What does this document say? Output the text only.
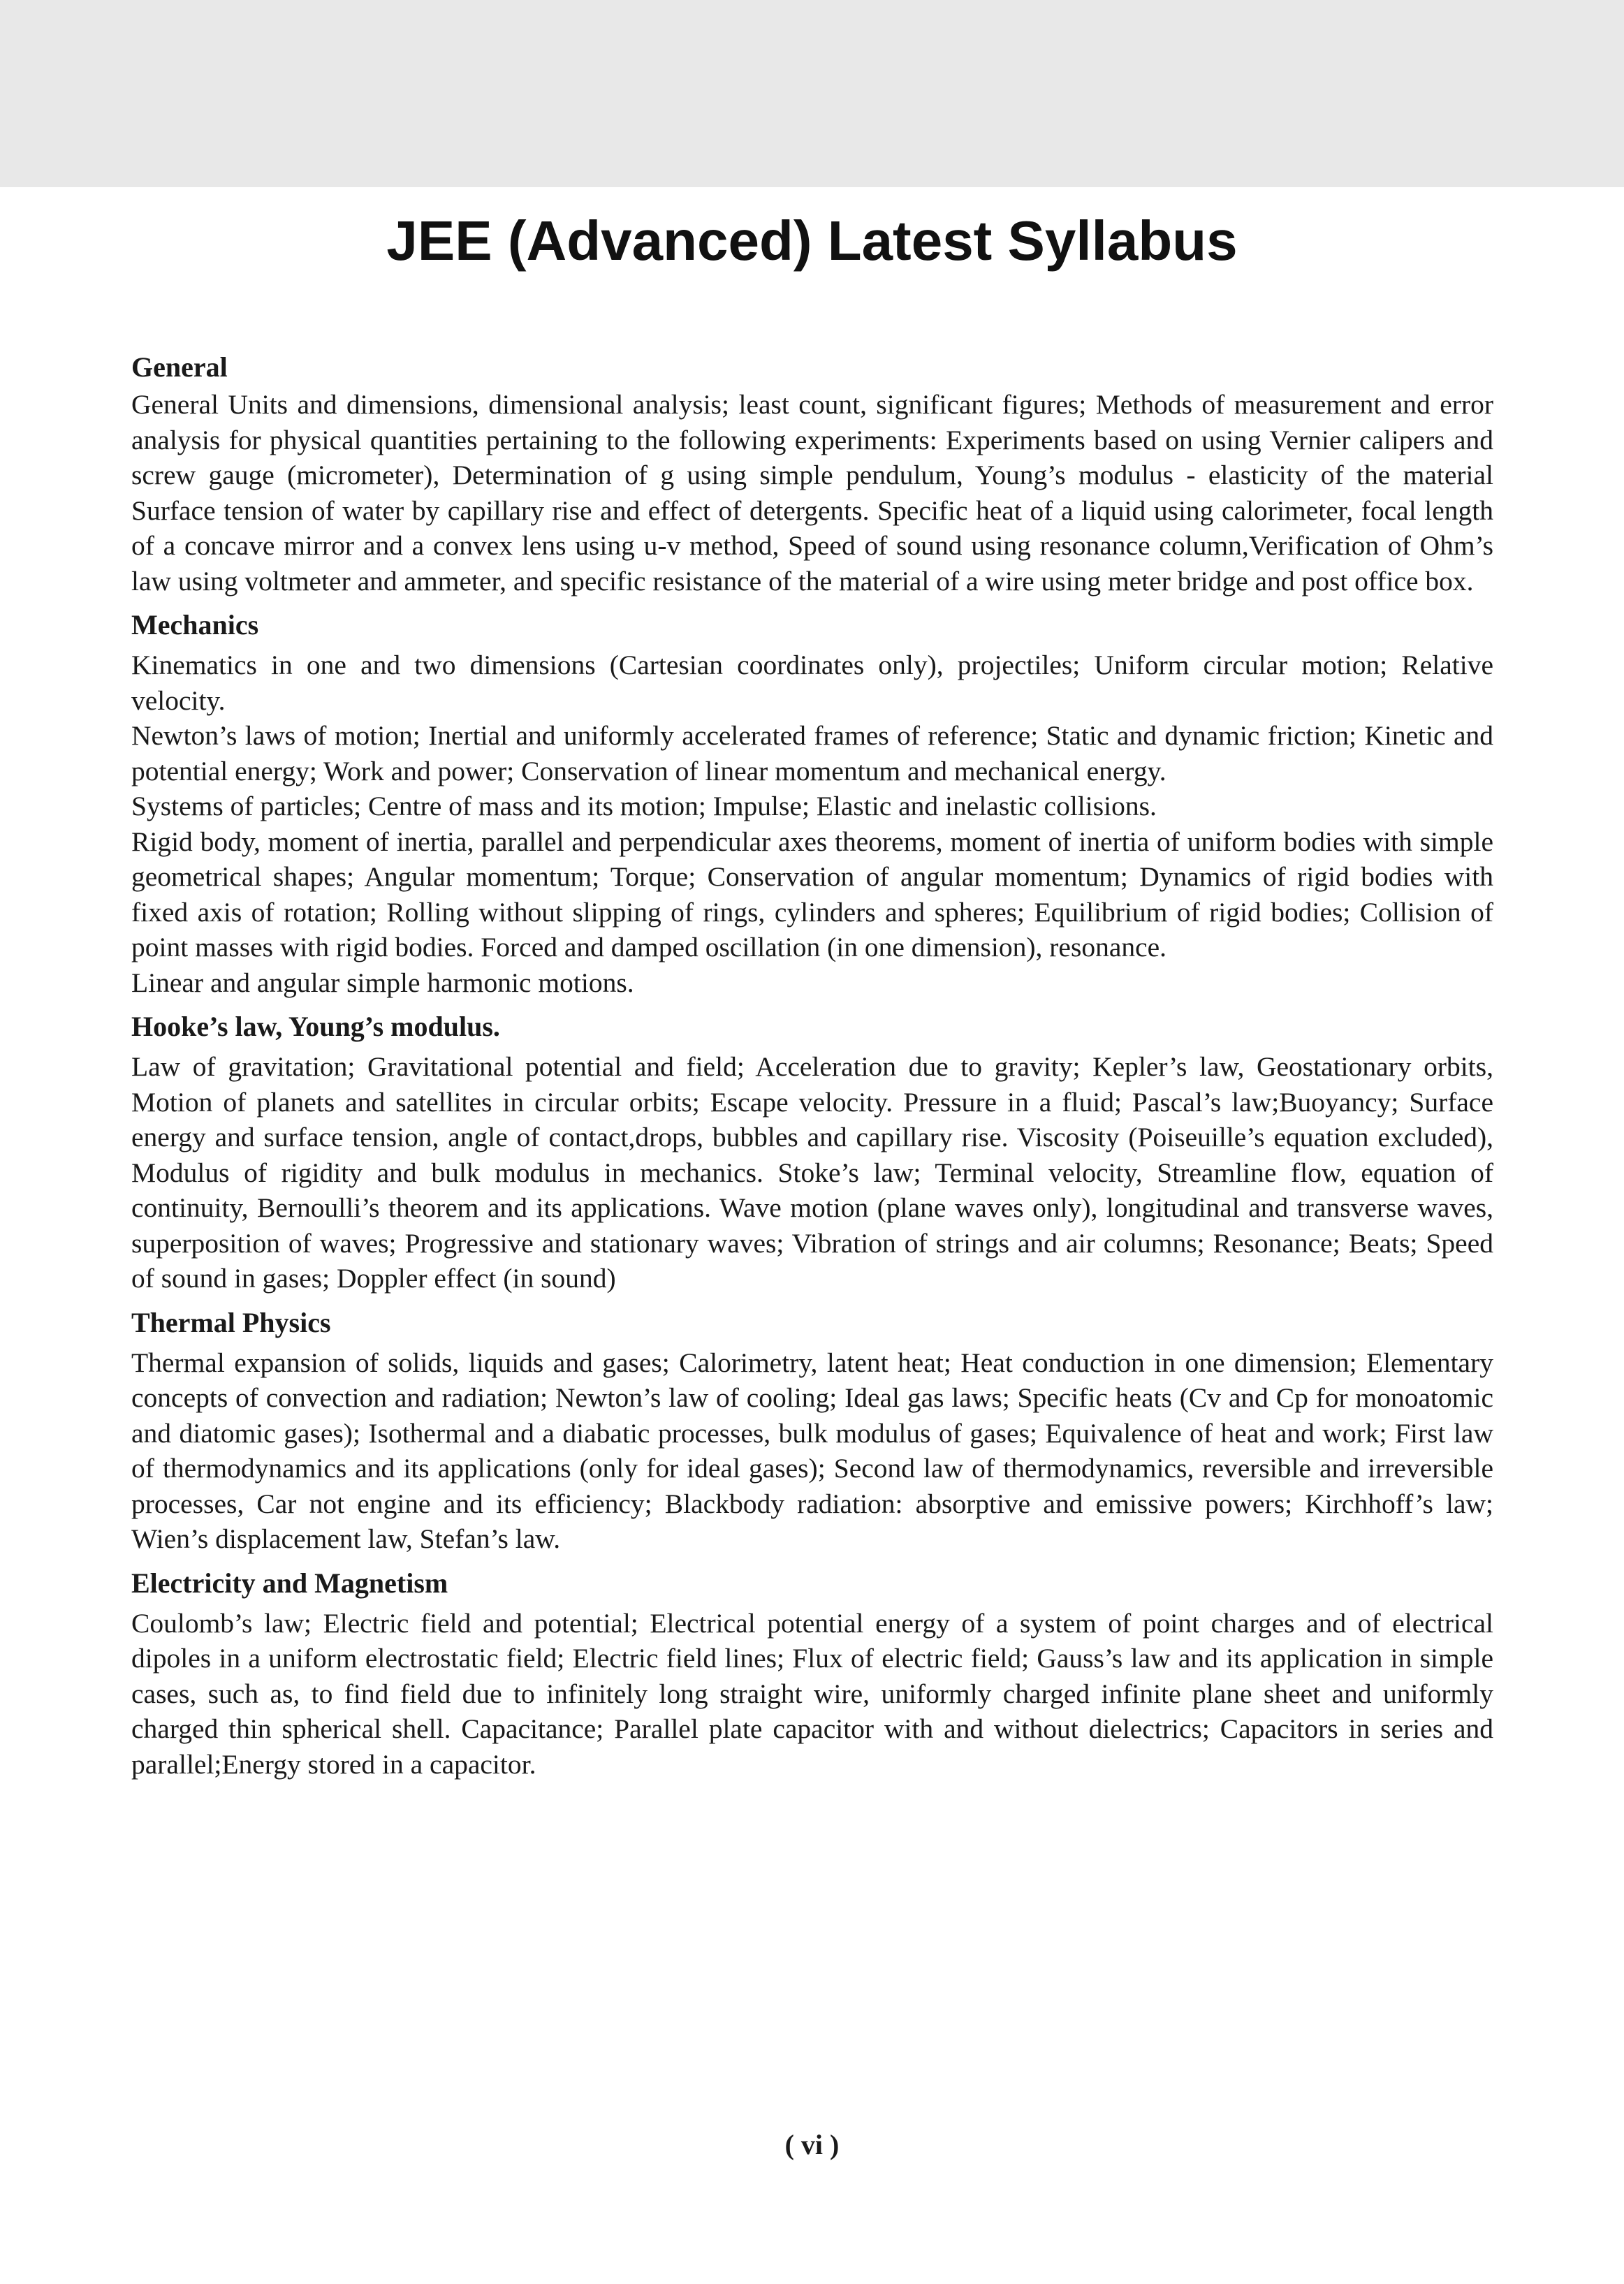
JEE (Advanced) Latest Syllabus
General

General Units and dimensions, dimensional analysis; least count, significant figures; Methods of measurement and error analysis for physical quantities pertaining to the following experiments: Experiments based on using Vernier calipers and screw gauge (micrometer), Determination of g using simple pendulum, Young’s modulus - elasticity of the material Surface tension of water by capillary rise and effect of detergents. Specific heat of a liquid using calorimeter, focal length of a concave mirror and a convex lens using u-v method, Speed of sound using resonance column,Verification of Ohm’s law using voltmeter and ammeter, and specific resistance of the material of a wire using meter bridge and post office box.

Mechanics

Kinematics in one and two dimensions (Cartesian coordinates only), projectiles; Uniform circular motion; Relative velocity.

Newton’s laws of motion; Inertial and uniformly accelerated frames of reference; Static and dynamic friction; Kinetic and potential energy; Work and power; Conservation of linear momentum and mechanical energy.

Systems of particles; Centre of mass and its motion; Impulse; Elastic and inelastic collisions.

Rigid body, moment of inertia, parallel and perpendicular axes theorems, moment of inertia of uniform bodies with simple geometrical shapes; Angular momentum; Torque; Conservation of angular momentum; Dynamics of rigid bodies with fixed axis of rotation; Rolling without slipping of rings, cylinders and spheres; Equilibrium of rigid bodies; Collision of point masses with rigid bodies. Forced and damped oscillation (in one dimension), resonance.

Linear and angular simple harmonic motions.

Hooke’s law, Young’s modulus.

Law of gravitation; Gravitational potential and field; Acceleration due to gravity; Kepler’s law, Geostationary orbits, Motion of planets and satellites in circular orbits; Escape velocity. Pressure in a fluid; Pascal’s law;Buoyancy; Surface energy and surface tension, angle of contact,drops, bubbles and capillary rise. Viscosity (Poiseuille’s equation excluded), Modulus of rigidity and bulk modulus in mechanics. Stoke’s law; Terminal velocity, Streamline flow, equation of continuity, Bernoulli’s theorem and its applications. Wave motion (plane waves only), longitudinal and transverse waves, superposition of waves; Progressive and stationary waves; Vibration of strings and air columns; Resonance; Beats; Speed of sound in gases; Doppler effect (in sound)

Thermal Physics

Thermal expansion of solids, liquids and gases; Calorimetry, latent heat; Heat conduction in one dimension; Elementary concepts of convection and radiation; Newton’s law of cooling; Ideal gas laws; Specific heats (Cv and Cp for monoatomic and diatomic gases); Isothermal and a diabatic processes, bulk modulus of gases; Equivalence of heat and work; First law of thermodynamics and its applications (only for ideal gases); Second law of thermodynamics, reversible and irreversible processes, Car not engine and its efficiency; Blackbody radiation: absorptive and emissive powers; Kirchhoff’s law; Wien’s displacement law, Stefan’s law.

Electricity and Magnetism

Coulomb’s law; Electric field and potential; Electrical potential energy of a system of point charges and of electrical dipoles in a uniform electrostatic field; Electric field lines; Flux of electric field; Gauss’s law and its application in simple cases, such as, to find field due to infinitely long straight wire, uniformly charged infinite plane sheet and uniformly charged thin spherical shell. Capacitance; Parallel plate capacitor with and without dielectrics; Capacitors in series and parallel;Energy stored in a capacitor.

( vi )
